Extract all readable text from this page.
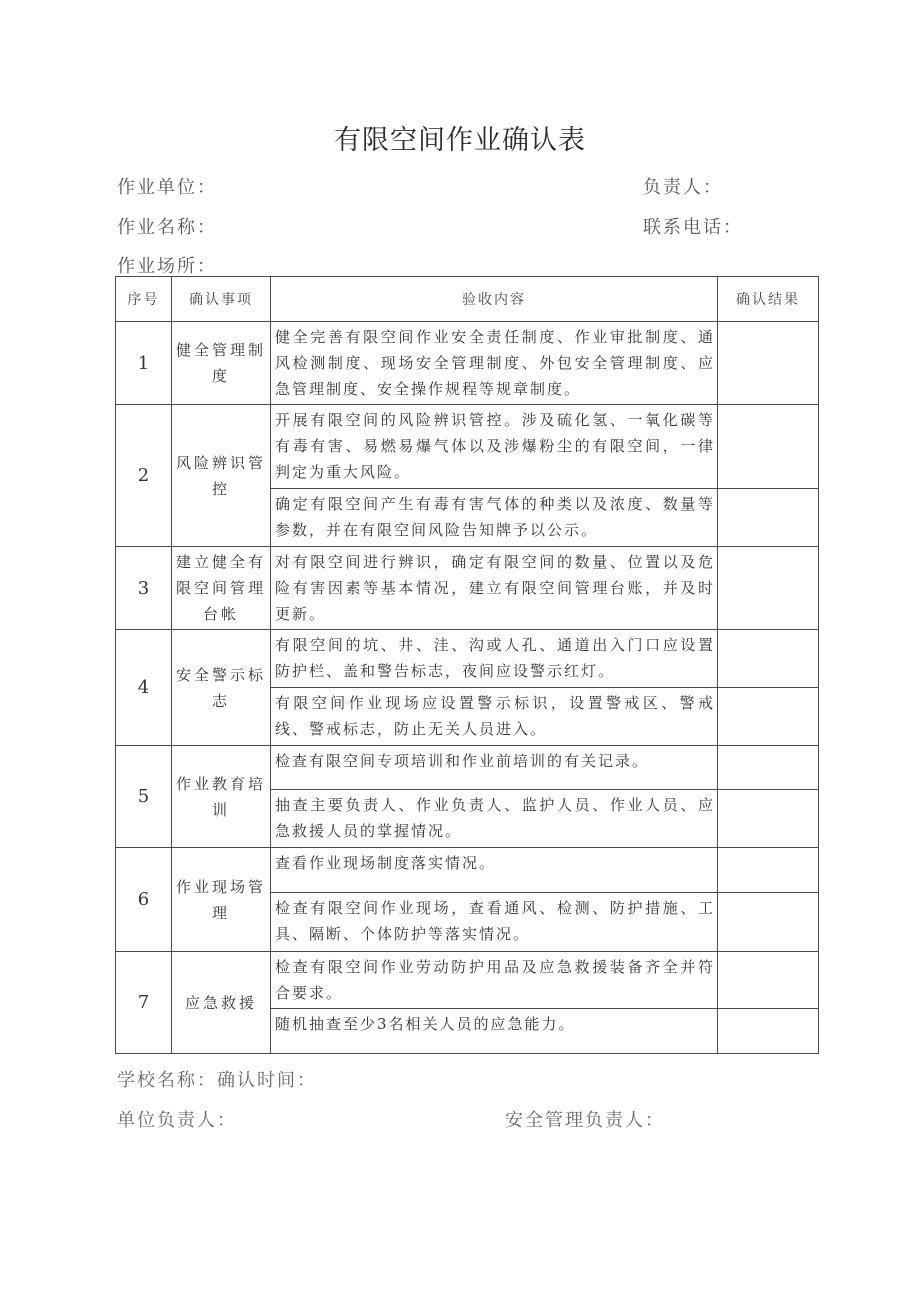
有限空间作业确认表
作业单位：	负责人：
作业名称：	联系电话：
作业场所：
序号	确认事项	验收内容	确认结果
1	健全管理制度	健全完善有限空间作业安全责任制度、作业审批制度、通风检测制度、现场安全管理制度、外包安全管理制度、应急管理制度、安全操作规程等规章制度。	
2	风险辨识管控	开展有限空间的风险辨识管控。涉及硫化氢、一氧化碳等有毒有害、易燃易爆气体以及涉爆粉尘的有限空间，一律判定为重大风险。	
		确定有限空间产生有毒有害气体的种类以及浓度、数量等参数，并在有限空间风险告知牌予以公示。	
3	建立健全有限空间管理台帐	对有限空间进行辨识，确定有限空间的数量、位置以及危险有害因素等基本情况，建立有限空间管理台账，并及时更新。	
4	安全警示标志	有限空间的坑、井、洼、沟或人孔、通道出入门口应设置防护栏、盖和警告标志，夜间应设警示红灯。	
		有限空间作业现场应设置警示标识，设置警戒区、警戒线、警戒标志，防止无关人员进入。	
5	作业教育培训	检查有限空间专项培训和作业前培训的有关记录。	
		抽查主要负责人、作业负责人、监护人员、作业人员、应急救援人员的掌握情况。	
6	作业现场管理	查看作业现场制度落实情况。	
		检查有限空间作业现场，查看通风、检测、防护措施、工具、隔断、个体防护等落实情况。	
7	应急救援	检查有限空间作业劳动防护用品及应急救援装备齐全并符合要求。	
		随机抽查至少3名相关人员的应急能力。	
学校名称：确认时间：
单位负责人：	安全管理负责人：
